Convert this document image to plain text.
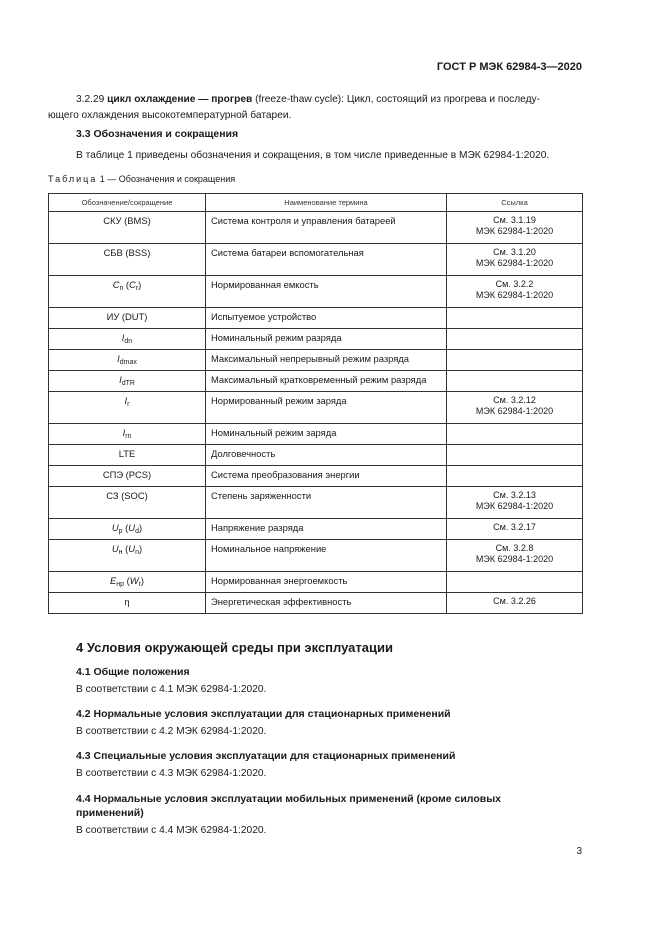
ГОСТ Р МЭК 62984-3—2020
3.2.29 цикл охлаждение — прогрев (freeze-thaw cycle): Цикл, состоящий из прогрева и последу-
ющего охлаждения высокотемпературной батареи.
3.3 Обозначения и сокращения
В таблице 1 приведены обозначения и сокращения, в том числе приведенные в МЭК 62984-1:2020.
Таблица 1 — Обозначения и сокращения
Обозначение/сокращение	Наименование термина	Ссылка
СКУ (BMS)	Система контроля и управления батареей	См. 3.1.19
МЭК 62984-1:2020

СБВ (BSS)	Система батареи вспомогательная	См. 3.1.20
МЭК 62984-1:2020

$C_п$ $(C_r)$	Нормированная емкость	См. 3.2.2
МЭК 62984-1:2020

ИУ (DUT)	Испытуемое устройство	

$I_{dn}$	Номинальный режим разряда	

$I_{dmax}$	Максимальный непрерывный режим разряда	

$I_{dTR}$	Максимальный кратковременный режим разряда	

$I_r$	Нормированный режим заряда	См. 3.2.12
МЭК 62984-1:2020

$I_{rn}$	Номинальный режим заряда	

LTE	Долговечность	

СПЭ (PCS)	Система преобразования энергии	

СЗ (SOC)	Степень заряженности	См. 3.2.13
МЭК 62984-1:2020

$U_р$ $(U_d)$	Напряжение разряда	См. 3.2.17

$U_н$ $(U_n)$	Номинальное напряжение	См. 3.2.8
МЭК 62984-1:2020

$E_{нр}$ $(W_r)$	Нормированная энергоемкость	

η	Энергетическая эффективность	См. 3.2.26
4 Условия окружающей среды при эксплуатации
4.1 Общие положения
В соответствии с 4.1 МЭК 62984-1:2020.
4.2 Нормальные условия эксплуатации для стационарных применений
В соответствии с 4.2 МЭК 62984-1:2020.
4.3 Специальные условия эксплуатации для стационарных применений
В соответствии с 4.3 МЭК 62984-1:2020.
4.4 Нормальные условия эксплуатации мобильных применений (кроме силовых
применений)
В соответствии с 4.4 МЭК 62984-1:2020.
3
